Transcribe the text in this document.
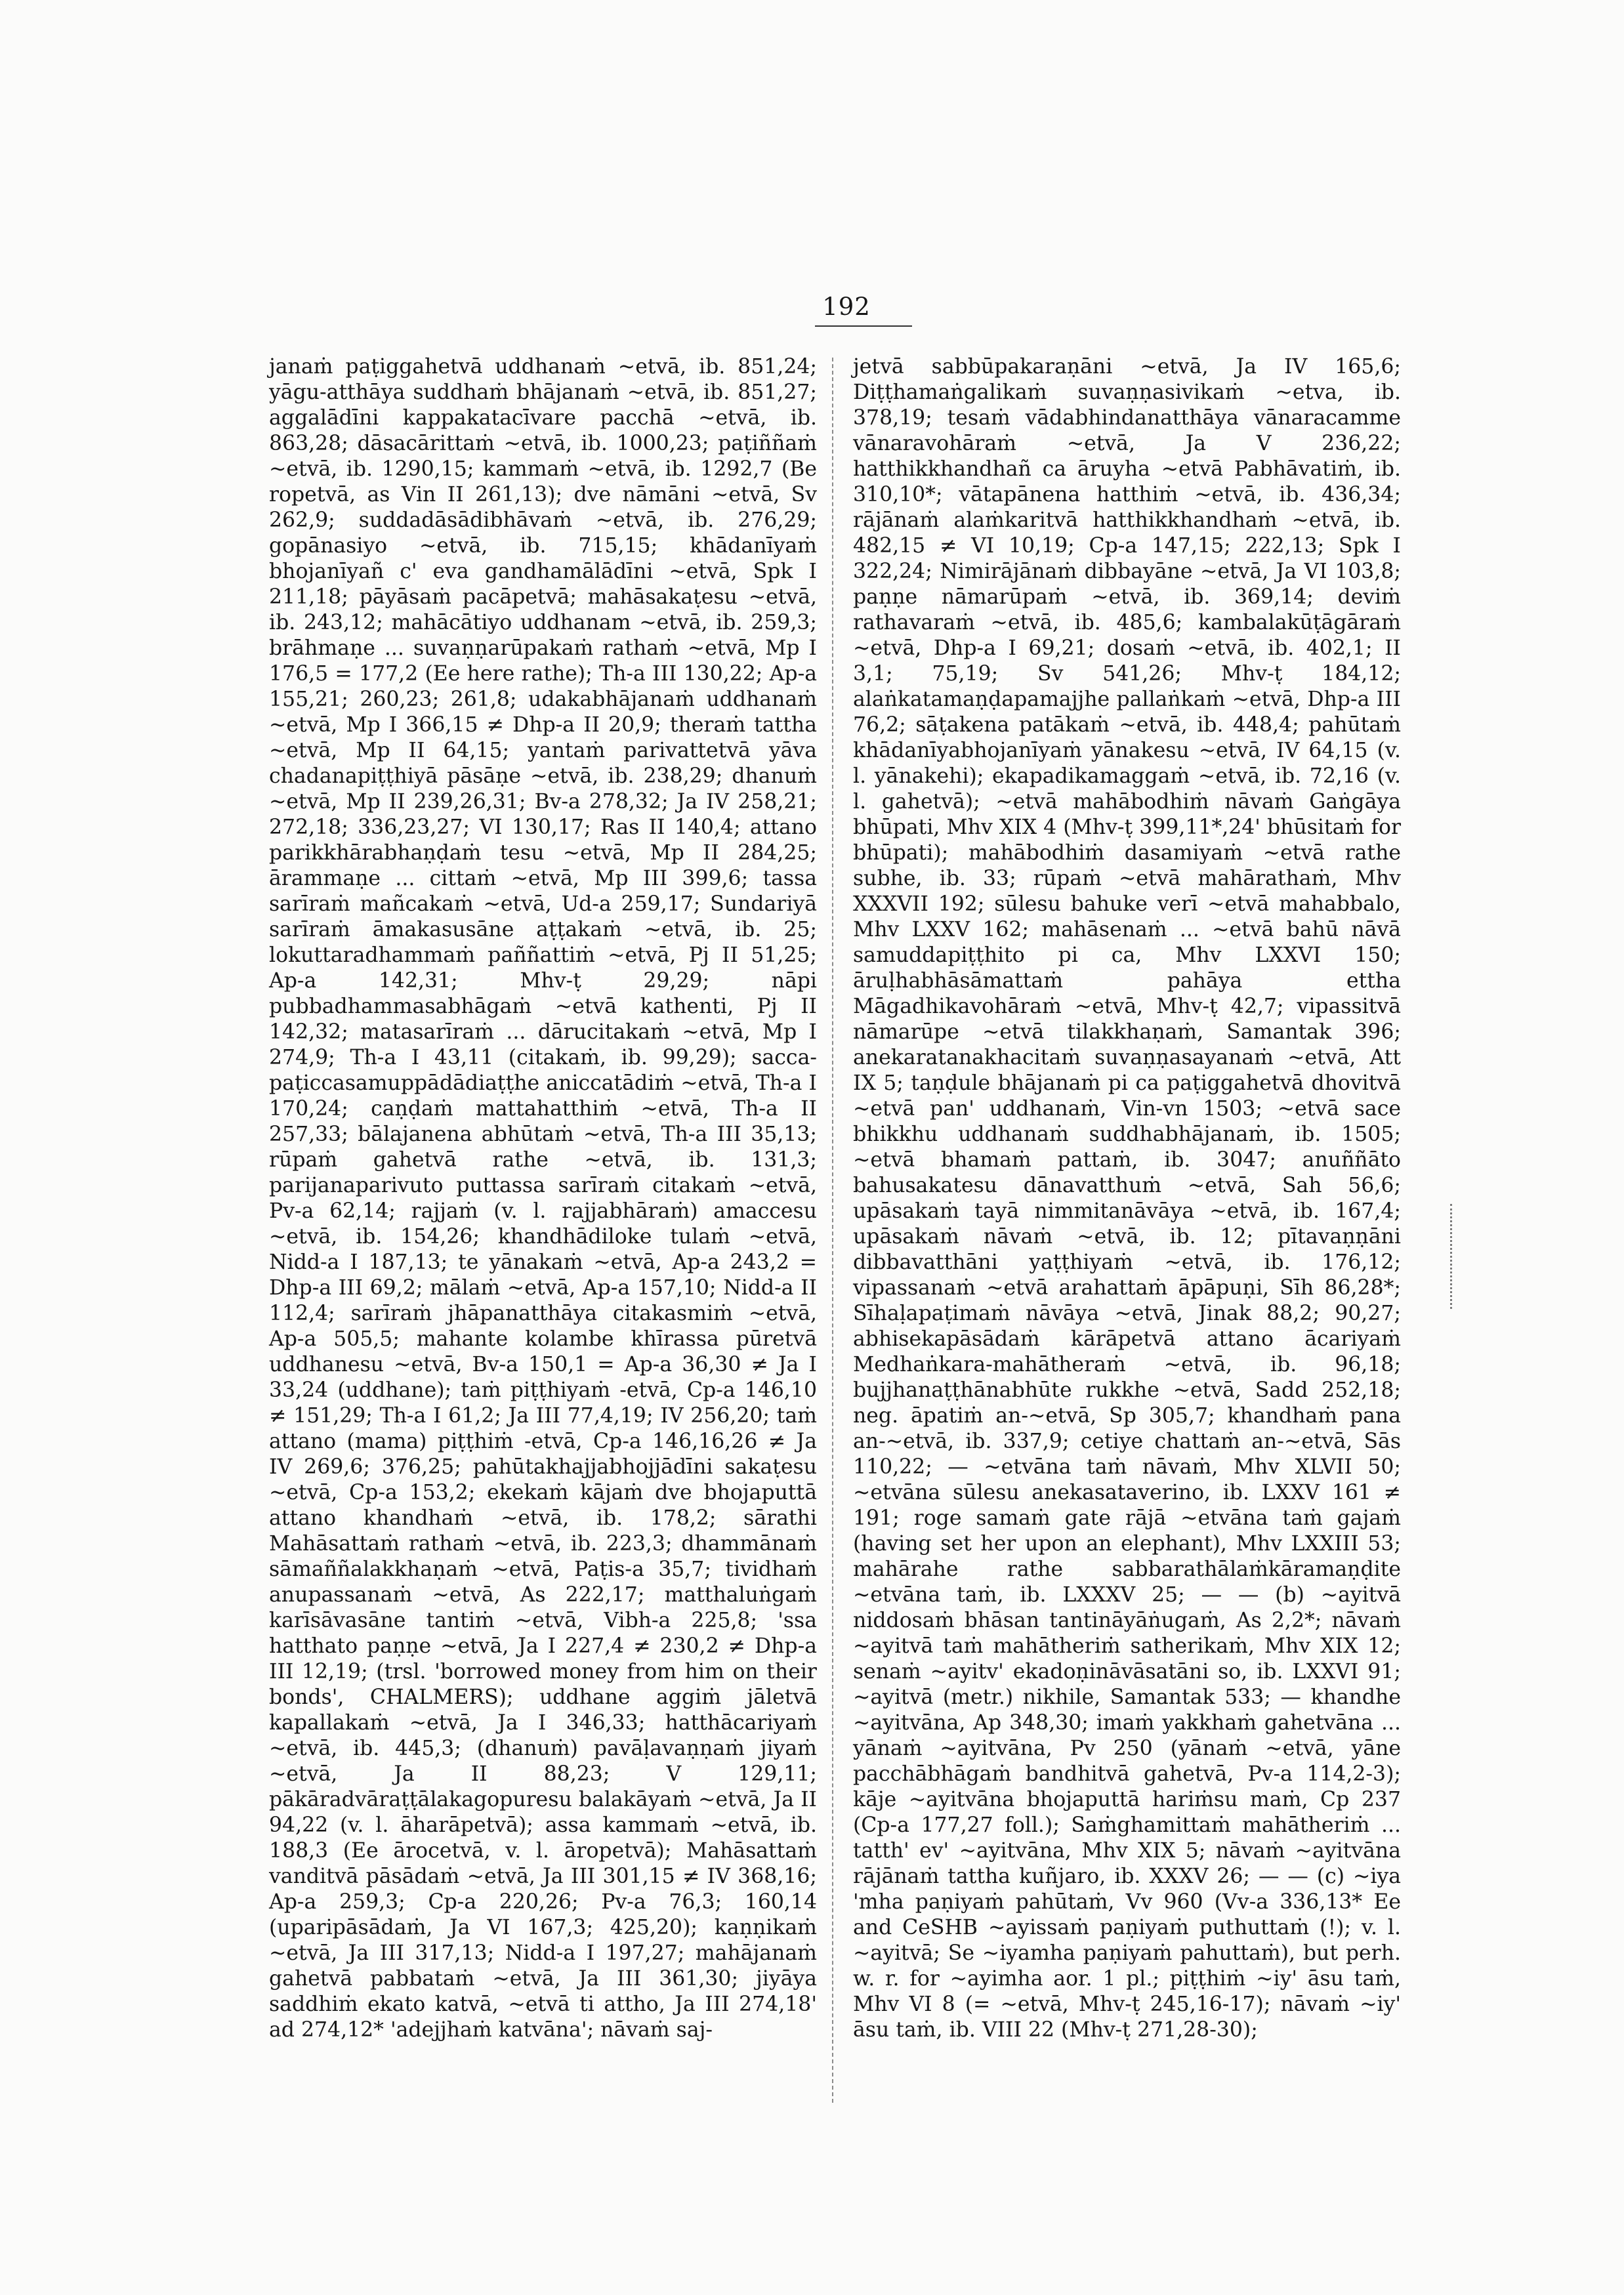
192

janaṁ paṭiggahetvā uddhanaṁ ~etvā, ib. 851,24; yāgu-atthāya suddhaṁ bhājanaṁ ~etvā, ib. 851,27; aggalādīni kappakatacīvare pacchā ~etvā, ib. 863,28; dāsacārittaṁ ~etvā, ib. 1000,23; paṭiññaṁ ~etvā, ib. 1290,15; kammaṁ ~etvā, ib. 1292,7 (Be ropetvā, as Vin II 261,13); dve nāmāni ~etvā, Sv 262,9; suddadāsādibhāvaṁ ~etvā, ib. 276,29; gopānasiyo ~etvā, ib. 715,15; khādanīyaṁ bhojanīyañ c' eva gandhamālādīni ~etvā, Spk I 211,18; pāyāsaṁ pacāpetvā; mahāsakaṭesu ~etvā, ib. 243,12; mahācātiyo uddhanam ~etvā, ib. 259,3; brāhmaṇe ... suvaṇṇarūpakaṁ rathaṁ ~etvā, Mp I 176,5 = 177,2 (Ee here rathe); Th-a III 130,22; Ap-a 155,21; 260,23; 261,8; udakabhājanaṁ uddhanaṁ ~etvā, Mp I 366,15 ≠ Dhp-a II 20,9; theraṁ tattha ~etvā, Mp II 64,15; yantaṁ parivattetvā yāva chadanapiṭṭhiyā pāsāṇe ~etvā, ib. 238,29; dhanuṁ ~etvā, Mp II 239,26,31; Bv-a 278,32; Ja IV 258,21; 272,18; 336,23,27; VI 130,17; Ras II 140,4; attano parikkhārabhaṇḍaṁ tesu ~etvā, Mp II 284,25; ārammaṇe ... cittaṁ ~etvā, Mp III 399,6; tassa sarīraṁ mañcakaṁ ~etvā, Ud-a 259,17; Sundariyā sarīraṁ āmakasusāne aṭṭakaṁ ~etvā, ib. 25; lokuttaradhammaṁ paññattiṁ ~etvā, Pj II 51,25; Ap-a 142,31; Mhv-ṭ 29,29; nāpi pubbadhammasabhāgaṁ ~etvā kathenti, Pj II 142,32; matasarīraṁ ... dārucitakaṁ ~etvā, Mp I 274,9; Th-a I 43,11 (citakaṁ, ib. 99,29); sacca-paṭiccasamuppādādiaṭṭhe aniccatādiṁ ~etvā, Th-a I 170,24; caṇḍaṁ mattahatthiṁ ~etvā, Th-a II 257,33; bālajanena abhūtaṁ ~etvā, Th-a III 35,13; rūpaṁ gahetvā rathe ~etvā, ib. 131,3; parijanaparivuto puttassa sarīraṁ citakaṁ ~etvā, Pv-a 62,14; rajjaṁ (v. l. rajjabhāraṁ) amaccesu ~etvā, ib. 154,26; khandhādiloke tulaṁ ~etvā, Nidd-a I 187,13; te yānakaṁ ~etvā, Ap-a 243,2 = Dhp-a III 69,2; mālaṁ ~etvā, Ap-a 157,10; Nidd-a II 112,4; sarīraṁ jhāpanatthāya citakasmiṁ ~etvā, Ap-a 505,5; mahante kolambe khīrassa pūretvā uddhanesu ~etvā, Bv-a 150,1 = Ap-a 36,30 ≠ Ja I 33,24 (uddhane); taṁ piṭṭhiyaṁ -etvā, Cp-a 146,10 ≠ 151,29; Th-a I 61,2; Ja III 77,4,19; IV 256,20; taṁ attano (mama) piṭṭhiṁ -etvā, Cp-a 146,16,26 ≠ Ja IV 269,6; 376,25; pahūtakhajjabhojjādīni sakaṭesu ~etvā, Cp-a 153,2; ekekaṁ kājaṁ dve bhojaputtā attano khandhaṁ ~etvā, ib. 178,2; sārathi Mahāsattaṁ rathaṁ ~etvā, ib. 223,3; dhammānaṁ sāmaññalakkhaṇaṁ ~etvā, Paṭis-a 35,7; tividhaṁ anupassanaṁ ~etvā, As 222,17; matthaluṅgaṁ karīsāvasāne tantiṁ ~etvā, Vibh-a 225,8; 'ssa hatthato paṇṇe ~etvā, Ja I 227,4 ≠ 230,2 ≠ Dhp-a III 12,19; (trsl. 'borrowed money from him on their bonds', CHALMERS); uddhane aggiṁ jāletvā kapallakaṁ ~etvā, Ja I 346,33; hatthācariyaṁ ~etvā, ib. 445,3; (dhanuṁ) pavāḷavaṇṇaṁ jiyaṁ ~etvā, Ja II 88,23; V 129,11; pākāradvāraṭṭālakagopuresu balakāyaṁ ~etvā, Ja II 94,22 (v. l. āharāpetvā); assa kammaṁ ~etvā, ib. 188,3 (Ee ārocetvā, v. l. āropetvā); Mahāsattaṁ vanditvā pāsādaṁ ~etvā, Ja III 301,15 ≠ IV 368,16; Ap-a 259,3; Cp-a 220,26; Pv-a 76,3; 160,14 (uparipāsādaṁ, Ja VI 167,3; 425,20); kaṇṇikaṁ ~etvā, Ja III 317,13; Nidd-a I 197,27; mahājanaṁ gahetvā pabbataṁ ~etvā, Ja III 361,30; jiyāya saddhiṁ ekato katvā, ~etvā ti attho, Ja III 274,18' ad 274,12* 'adejjhaṁ katvāna'; nāvaṁ saj-

jetvā sabbūpakaraṇāni ~etvā, Ja IV 165,6; Diṭṭhamaṅgalikaṁ suvaṇṇasivikaṁ ~etva, ib. 378,19; tesaṁ vādabhindanatthāya vānaracamme vānaravohāraṁ ~etvā, Ja V 236,22; hatthikkhandhañ ca āruyha ~etvā Pabhāvatiṁ, ib. 310,10*; vātapānena hatthiṁ ~etvā, ib. 436,34; rājānaṁ alaṁkaritvā hatthikkhandhaṁ ~etvā, ib. 482,15 ≠ VI 10,19; Cp-a 147,15; 222,13; Spk I 322,24; Nimirājānaṁ dibbayāne ~etvā, Ja VI 103,8; paṇṇe nāmarūpaṁ ~etvā, ib. 369,14; deviṁ rathavaraṁ ~etvā, ib. 485,6; kambalakūṭāgāraṁ ~etvā, Dhp-a I 69,21; dosaṁ ~etvā, ib. 402,1; II 3,1; 75,19; Sv 541,26; Mhv-ṭ 184,12; alaṅkatamaṇḍapamajjhe pallaṅkaṁ ~etvā, Dhp-a III 76,2; sāṭakena patākaṁ ~etvā, ib. 448,4; pahūtaṁ khādanīyabhojanīyaṁ yānakesu ~etvā, IV 64,15 (v. l. yānakehi); ekapadikamaggaṁ ~etvā, ib. 72,16 (v. l. gahetvā); ~etvā mahābodhiṁ nāvaṁ Gaṅgāya bhūpati, Mhv XIX 4 (Mhv-ṭ 399,11*,24' bhūsitaṁ for bhūpati); mahābodhiṁ dasamiyaṁ ~etvā rathe subhe, ib. 33; rūpaṁ ~etvā mahārathaṁ, Mhv XXXVII 192; sūlesu bahuke verī ~etvā mahabbalo, Mhv LXXV 162; mahāsenaṁ ... ~etvā bahū nāvā samuddapiṭṭhito pi ca, Mhv LXXVI 150; āruḷhabhāsāmattaṁ pahāya ettha Māgadhikavohāraṁ ~etvā, Mhv-ṭ 42,7; vipassitvā nāmarūpe ~etvā tilakkhaṇaṁ, Samantak 396; anekaratanakhacitaṁ suvaṇṇasayanaṁ ~etvā, Att IX 5; taṇḍule bhājanaṁ pi ca paṭiggahetvā dhovitvā ~etvā pan' uddhanaṁ, Vin-vn 1503; ~etvā sace bhikkhu uddhanaṁ suddhabhājanaṁ, ib. 1505; ~etvā bhamaṁ pattaṁ, ib. 3047; anuññāto bahusakatesu dānavatthuṁ ~etvā, Sah 56,6; upāsakaṁ tayā nimmitanāvāya ~etvā, ib. 167,4; upāsakaṁ nāvaṁ ~etvā, ib. 12; pītavaṇṇāni dibbavatthāni yaṭṭhiyaṁ ~etvā, ib. 176,12; vipassanaṁ ~etvā arahattaṁ āpāpuṇi, Sīh 86,28*; Sīhaḷapaṭimaṁ nāvāya ~etvā, Jinak 88,2; 90,27; abhisekapāsādaṁ kārāpetvā attano ācariyaṁ Medhaṅkara-mahātheraṁ ~etvā, ib. 96,18; bujjhanaṭṭhānabhūte rukkhe ~etvā, Sadd 252,18; neg. āpatiṁ an-~etvā, Sp 305,7; khandhaṁ pana an-~etvā, ib. 337,9; cetiye chattaṁ an-~etvā, Sās 110,22; — ~etvāna taṁ nāvaṁ, Mhv XLVII 50; ~etvāna sūlesu anekasataverino, ib. LXXV 161 ≠ 191; roge samaṁ gate rājā ~etvāna taṁ gajaṁ (having set her upon an elephant), Mhv LXXIII 53; mahārahe rathe sabbarathālaṁkāramaṇḍite ~etvāna taṁ, ib. LXXXV 25; — — (b) ~ayitvā niddosaṁ bhāsan tantināyāṅugaṁ, As 2,2*; nāvaṁ ~ayitvā taṁ mahātheriṁ satherikaṁ, Mhv XIX 12; senaṁ ~ayitv' ekadoṇināvāsatāni so, ib. LXXVI 91; ~ayitvā (metr.) nikhile, Samantak 533; — khandhe ~ayitvāna, Ap 348,30; imaṁ yakkhaṁ gahetvāna ... yānaṁ ~ayitvāna, Pv 250 (yānaṁ ~etvā, yāne pacchābhāgaṁ bandhitvā gahetvā, Pv-a 114,2-3); kāje ~ayitvāna bhojaputtā hariṁsu maṁ, Cp 237 (Cp-a 177,27 foll.); Saṁghamittaṁ mahātheriṁ ... tatth' ev' ~ayitvāna, Mhv XIX 5; nāvaṁ ~ayitvāna rājānaṁ tattha kuñjaro, ib. XXXV 26; — — (c) ~iya 'mha paṇiyaṁ pahūtaṁ, Vv 960 (Vv-a 336,13* Ee and CeSHB ~ayissaṁ paṇiyaṁ puthuttaṁ (!); v. l. ~ayitvā; Se ~iyamha paṇiyaṁ pahuttaṁ), but perh. w. r. for ~ayimha aor. 1 pl.; piṭṭhiṁ ~iy' āsu taṁ, Mhv VI 8 (= ~etvā, Mhv-ṭ 245,16-17); nāvaṁ ~iy' āsu taṁ, ib. VIII 22 (Mhv-ṭ 271,28-30);
